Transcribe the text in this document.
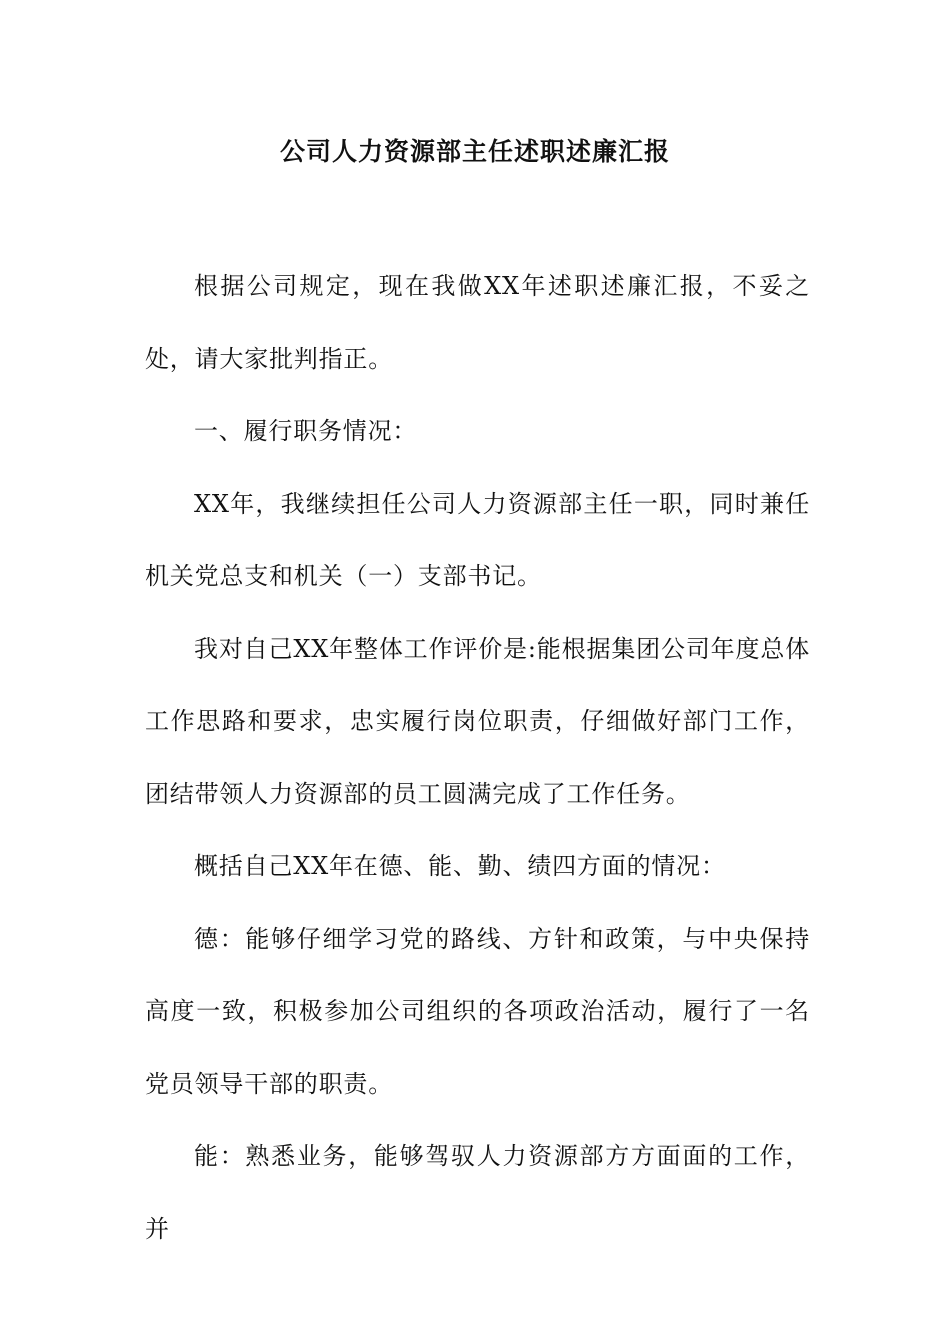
公司人力资源部主任述职述廉汇报

根据公司规定，现在我做XX年述职述廉汇报，不妥之处，请大家批判指正。

一、履行职务情况：

XX年，我继续担任公司人力资源部主任一职，同时兼任机关党总支和机关（一）支部书记。

我对自己XX年整体工作评价是:能根据集团公司年度总体工作思路和要求，忠实履行岗位职责，仔细做好部门工作，团结带领人力资源部的员工圆满完成了工作任务。

概括自己XX年在德、能、勤、绩四方面的情况：

德：能够仔细学习党的路线、方针和政策，与中央保持高度一致，积极参加公司组织的各项政治活动，履行了一名党员领导干部的职责。

能：熟悉业务，能够驾驭人力资源部方方面面的工作，并
